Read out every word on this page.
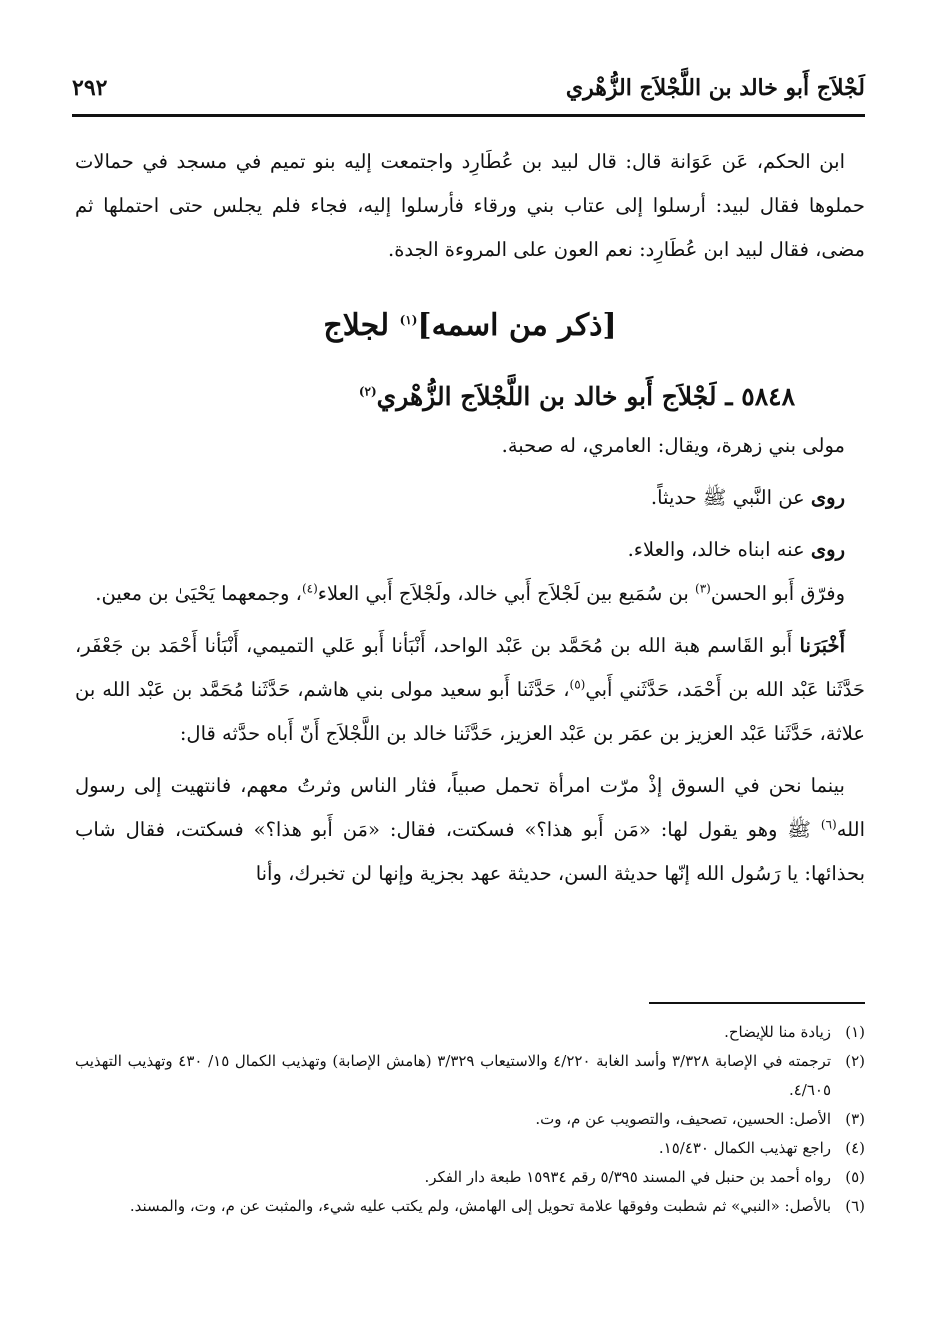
لَجْلاَج أَبو خالد بن اللَّجْلاَج الزُّهْري
٢٩٢

ابن الحكم، عَن عَوَانة قال: قال لبيد بن عُطَارِد واجتمعت إليه بنو تميم في مسجد في حمالات حملوها فقال لبيد: أرسلوا إلى عتاب بني ورقاء فأرسلوا إليه، فجاء فلم يجلس حتى احتملها ثم مضى، فقال لبيد ابن عُطَارِد: نعم العون على المروءة الجدة.

[ذكر من اسمه]$^{(١)}$ لجلاج
٥٨٤٨ ـ لَجْلاَج أَبو خالد بن اللَّجْلاَج الزُّهْري$^{(٢)}$

مولى بني زهرة، ويقال: العامري، له صحبة.

روى عن النَّبي ﷺ حديثاً.

روى عنه ابناه خالد، والعلاء.

وفرّق أَبو الحسن$^{(٣)}$ بن سُمَيع بين لَجْلاَج أَبي خالد، ولَجْلاَج أَبي العلاء$^{(٤)}$، وجمعهما يَحْيَىٰ بن معين.

أَخْبَرَنا أَبو القَاسم هبة الله بن مُحَمَّد بن عَبْد الواحد، أَنْبَأنا أَبو عَلي التميمي، أَنْبَأنا أَحْمَد بن جَعْفَر، حَدَّثَنا عَبْد الله بن أَحْمَد، حَدَّثَني أَبي$^{(٥)}$، حَدَّثَنا أَبو سعيد مولى بني هاشم، حَدَّثَنا مُحَمَّد بن عَبْد الله بن علاثة، حَدَّثَنا عَبْد العزيز بن عمَر بن عَبْد العزيز، حَدَّثَنا خالد بن اللَّجْلاَج أَنّ أَباه حدَّثه قال:

بينما نحن في السوق إذْ مرّت امرأة تحمل صبياً، فثار الناس وثرتُ معهم، فانتهيت إلى رسول الله$^{(٦)}$ ﷺ وهو يقول لها: «مَن أَبو هذا؟» فسكتت، فقال: «مَن أَبو هذا؟» فسكتت، فقال شاب بحذائها: يا رَسُول الله إنّها حديثة السن، حديثة عهد بجزية وإنها لن تخبرك، وأنا

(١)
زيادة منا للإيضاح.
(٢)
ترجمته في الإصابة ٣/٣٢٨ وأسد الغابة ٤/٢٢٠ والاستيعاب ٣/٣٢٩ (هامش الإصابة) وتهذيب الكمال ١٥/ ٤٣٠ وتهذيب التهذيب ٤/٦٠٥.
(٣)
الأصل: الحسين، تصحيف، والتصويب عن م، وت.
(٤)
راجع تهذيب الكمال ١٥/٤٣٠.
(٥)
رواه أحمد بن حنبل في المسند ٥/٣٩٥ رقم ١٥٩٣٤ طبعة دار الفكر.
(٦)
بالأصل: «النبي» ثم شطبت وفوقها علامة تحويل إلى الهامش، ولم يكتب عليه شيء، والمثبت عن م، وت، والمسند.
